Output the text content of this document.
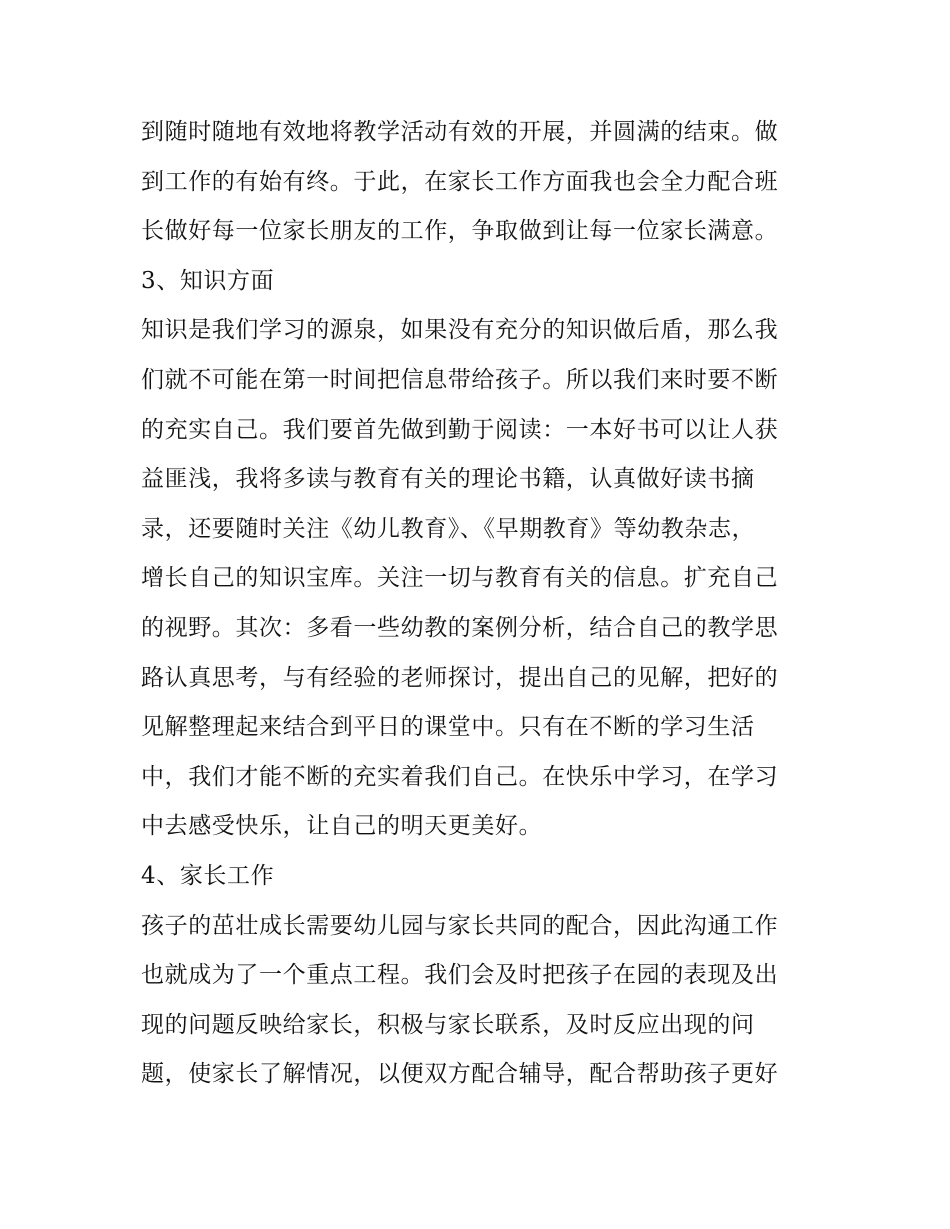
到随时随地有效地将教学活动有效的开展，并圆满的结束。做
到工作的有始有终。于此，在家长工作方面我也会全力配合班
长做好每一位家长朋友的工作，争取做到让每一位家长满意。
3、知识方面
知识是我们学习的源泉，如果没有充分的知识做后盾，那么我
们就不可能在第一时间把信息带给孩子。所以我们来时要不断
的充实自己。我们要首先做到勤于阅读：一本好书可以让人获
益匪浅，我将多读与教育有关的理论书籍，认真做好读书摘
录，还要随时关注《幼儿教育》、《早期教育》等幼教杂志，
增长自己的知识宝库。关注一切与教育有关的信息。扩充自己
的视野。其次：多看一些幼教的案例分析，结合自己的教学思
路认真思考，与有经验的老师探讨，提出自己的见解，把好的
见解整理起来结合到平日的课堂中。只有在不断的学习生活
中，我们才能不断的充实着我们自己。在快乐中学习，在学习
中去感受快乐，让自己的明天更美好。
4、家长工作
孩子的茁壮成长需要幼儿园与家长共同的配合，因此沟通工作
也就成为了一个重点工程。我们会及时把孩子在园的表现及出
现的问题反映给家长，积极与家长联系，及时反应出现的问
题，使家长了解情况，以便双方配合辅导，配合帮助孩子更好
